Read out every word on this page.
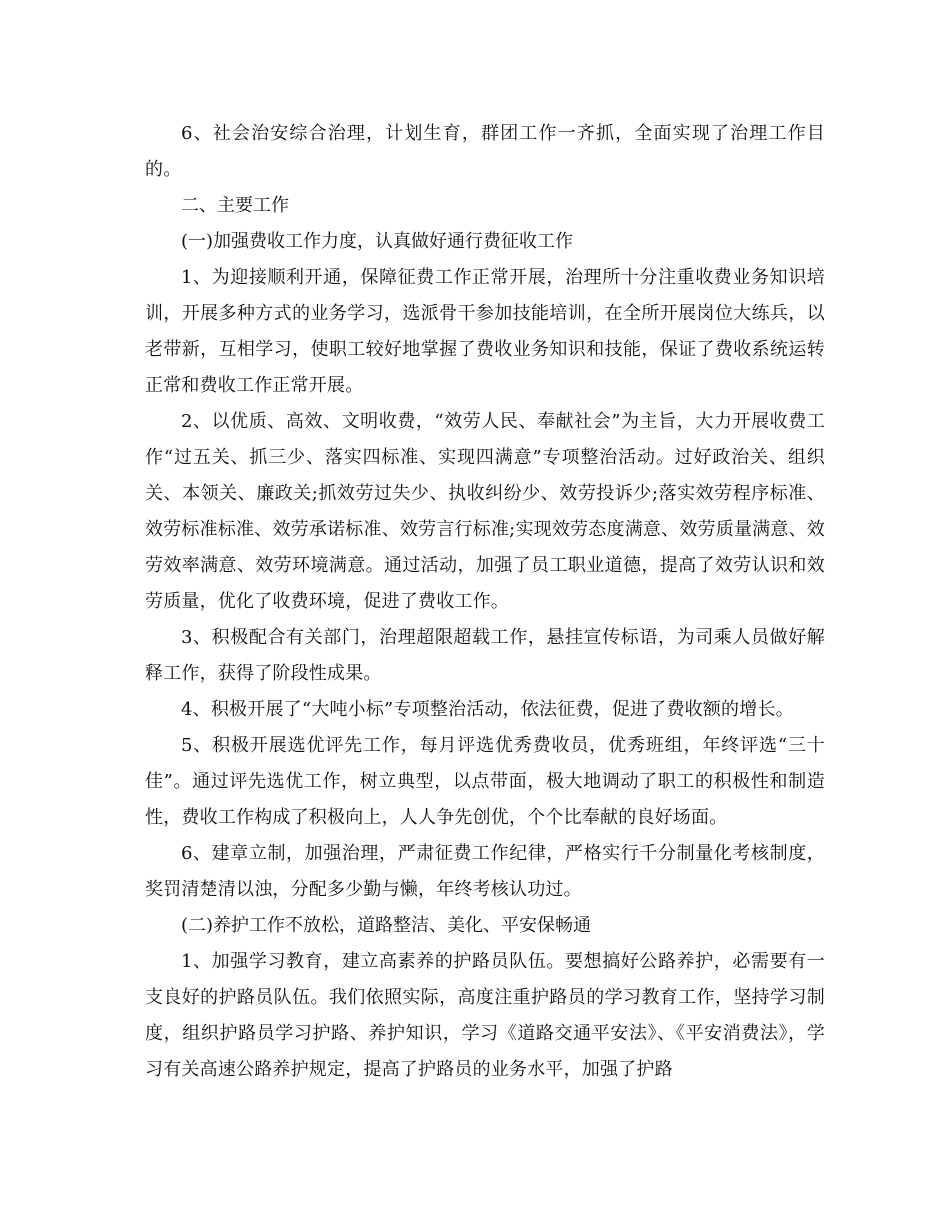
6、社会治安综合治理，计划生育，群团工作一齐抓，全面实现了治理工作目的。

二、主要工作

(一)加强费收工作力度，认真做好通行费征收工作

1、为迎接顺利开通，保障征费工作正常开展，治理所十分注重收费业务知识培训，开展多种方式的业务学习，选派骨干参加技能培训，在全所开展岗位大练兵，以老带新，互相学习，使职工较好地掌握了费收业务知识和技能，保证了费收系统运转正常和费收工作正常开展。

2、以优质、高效、文明收费，“效劳人民、奉献社会”为主旨，大力开展收费工作“过五关、抓三少、落实四标准、实现四满意”专项整治活动。过好政治关、组织关、本领关、廉政关;抓效劳过失少、执收纠纷少、效劳投诉少;落实效劳程序标准、效劳标准标准、效劳承诺标准、效劳言行标准;实现效劳态度满意、效劳质量满意、效劳效率满意、效劳环境满意。通过活动，加强了员工职业道德，提高了效劳认识和效劳质量，优化了收费环境，促进了费收工作。

3、积极配合有关部门，治理超限超载工作，悬挂宣传标语，为司乘人员做好解释工作，获得了阶段性成果。

4、积极开展了“大吨小标”专项整治活动，依法征费，促进了费收额的增长。

5、积极开展选优评先工作，每月评选优秀费收员，优秀班组，年终评选“三十佳”。通过评先选优工作，树立典型，以点带面，极大地调动了职工的积极性和制造性，费收工作构成了积极向上，人人争先创优，个个比奉献的良好场面。

6、建章立制，加强治理，严肃征费工作纪律，严格实行千分制量化考核制度，奖罚清楚清以浊，分配多少勤与懒，年终考核认功过。

(二)养护工作不放松，道路整洁、美化、平安保畅通

1、加强学习教育，建立高素养的护路员队伍。要想搞好公路养护，必需要有一支良好的护路员队伍。我们依照实际，高度注重护路员的学习教育工作，坚持学习制度，组织护路员学习护路、养护知识，学习《道路交通平安法》、《平安消费法》，学习有关高速公路养护规定，提高了护路员的业务水平，加强了护路
